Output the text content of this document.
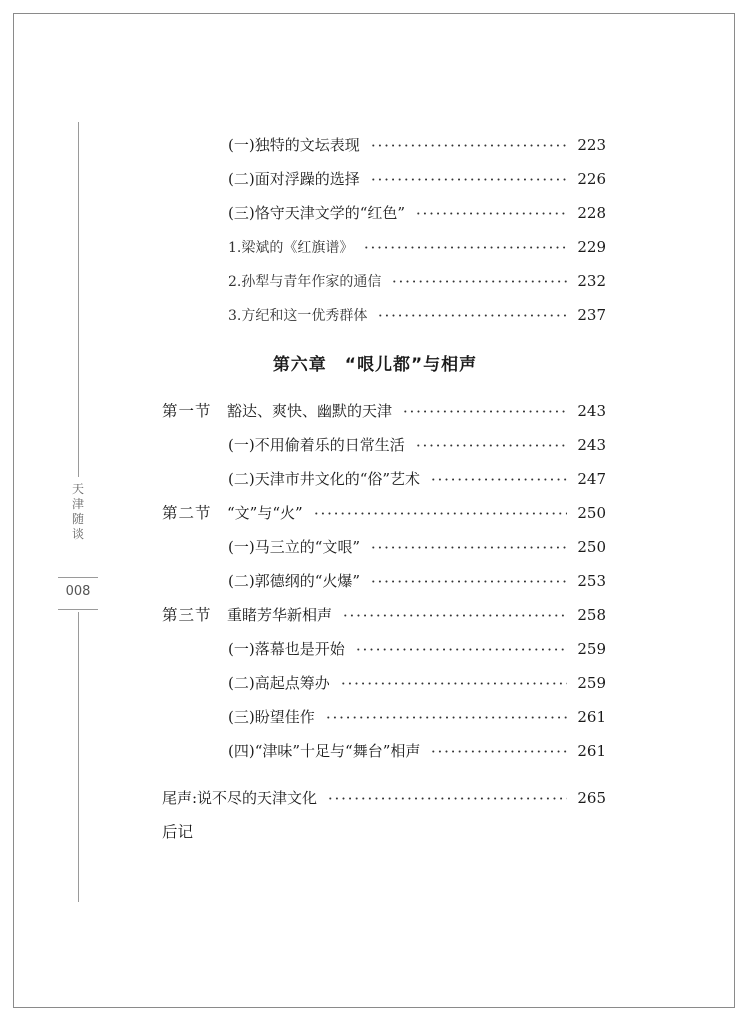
天
津
随
谈
008
(一)独特的文坛表现	223
(二)面对浮躁的选择	226
(三)恪守天津文学的“红色”	228
1.梁斌的《红旗谱》	229
2.孙犁与青年作家的通信	232
3.方纪和这一优秀群体	237
第六章　“哏儿都”与相声
第一节	豁达、爽快、幽默的天津	243
(一)不用偷着乐的日常生活	243
(二)天津市井文化的“俗”艺术	247
第二节	“文”与“火”	250
(一)马三立的“文哏”	250
(二)郭德纲的“火爆”	253
第三节	重睹芳华新相声	258
(一)落幕也是开始	259
(二)高起点筹办	259
(三)盼望佳作	261
(四)“津味”十足与“舞台”相声	261
尾声:说不尽的天津文化	265
后记
